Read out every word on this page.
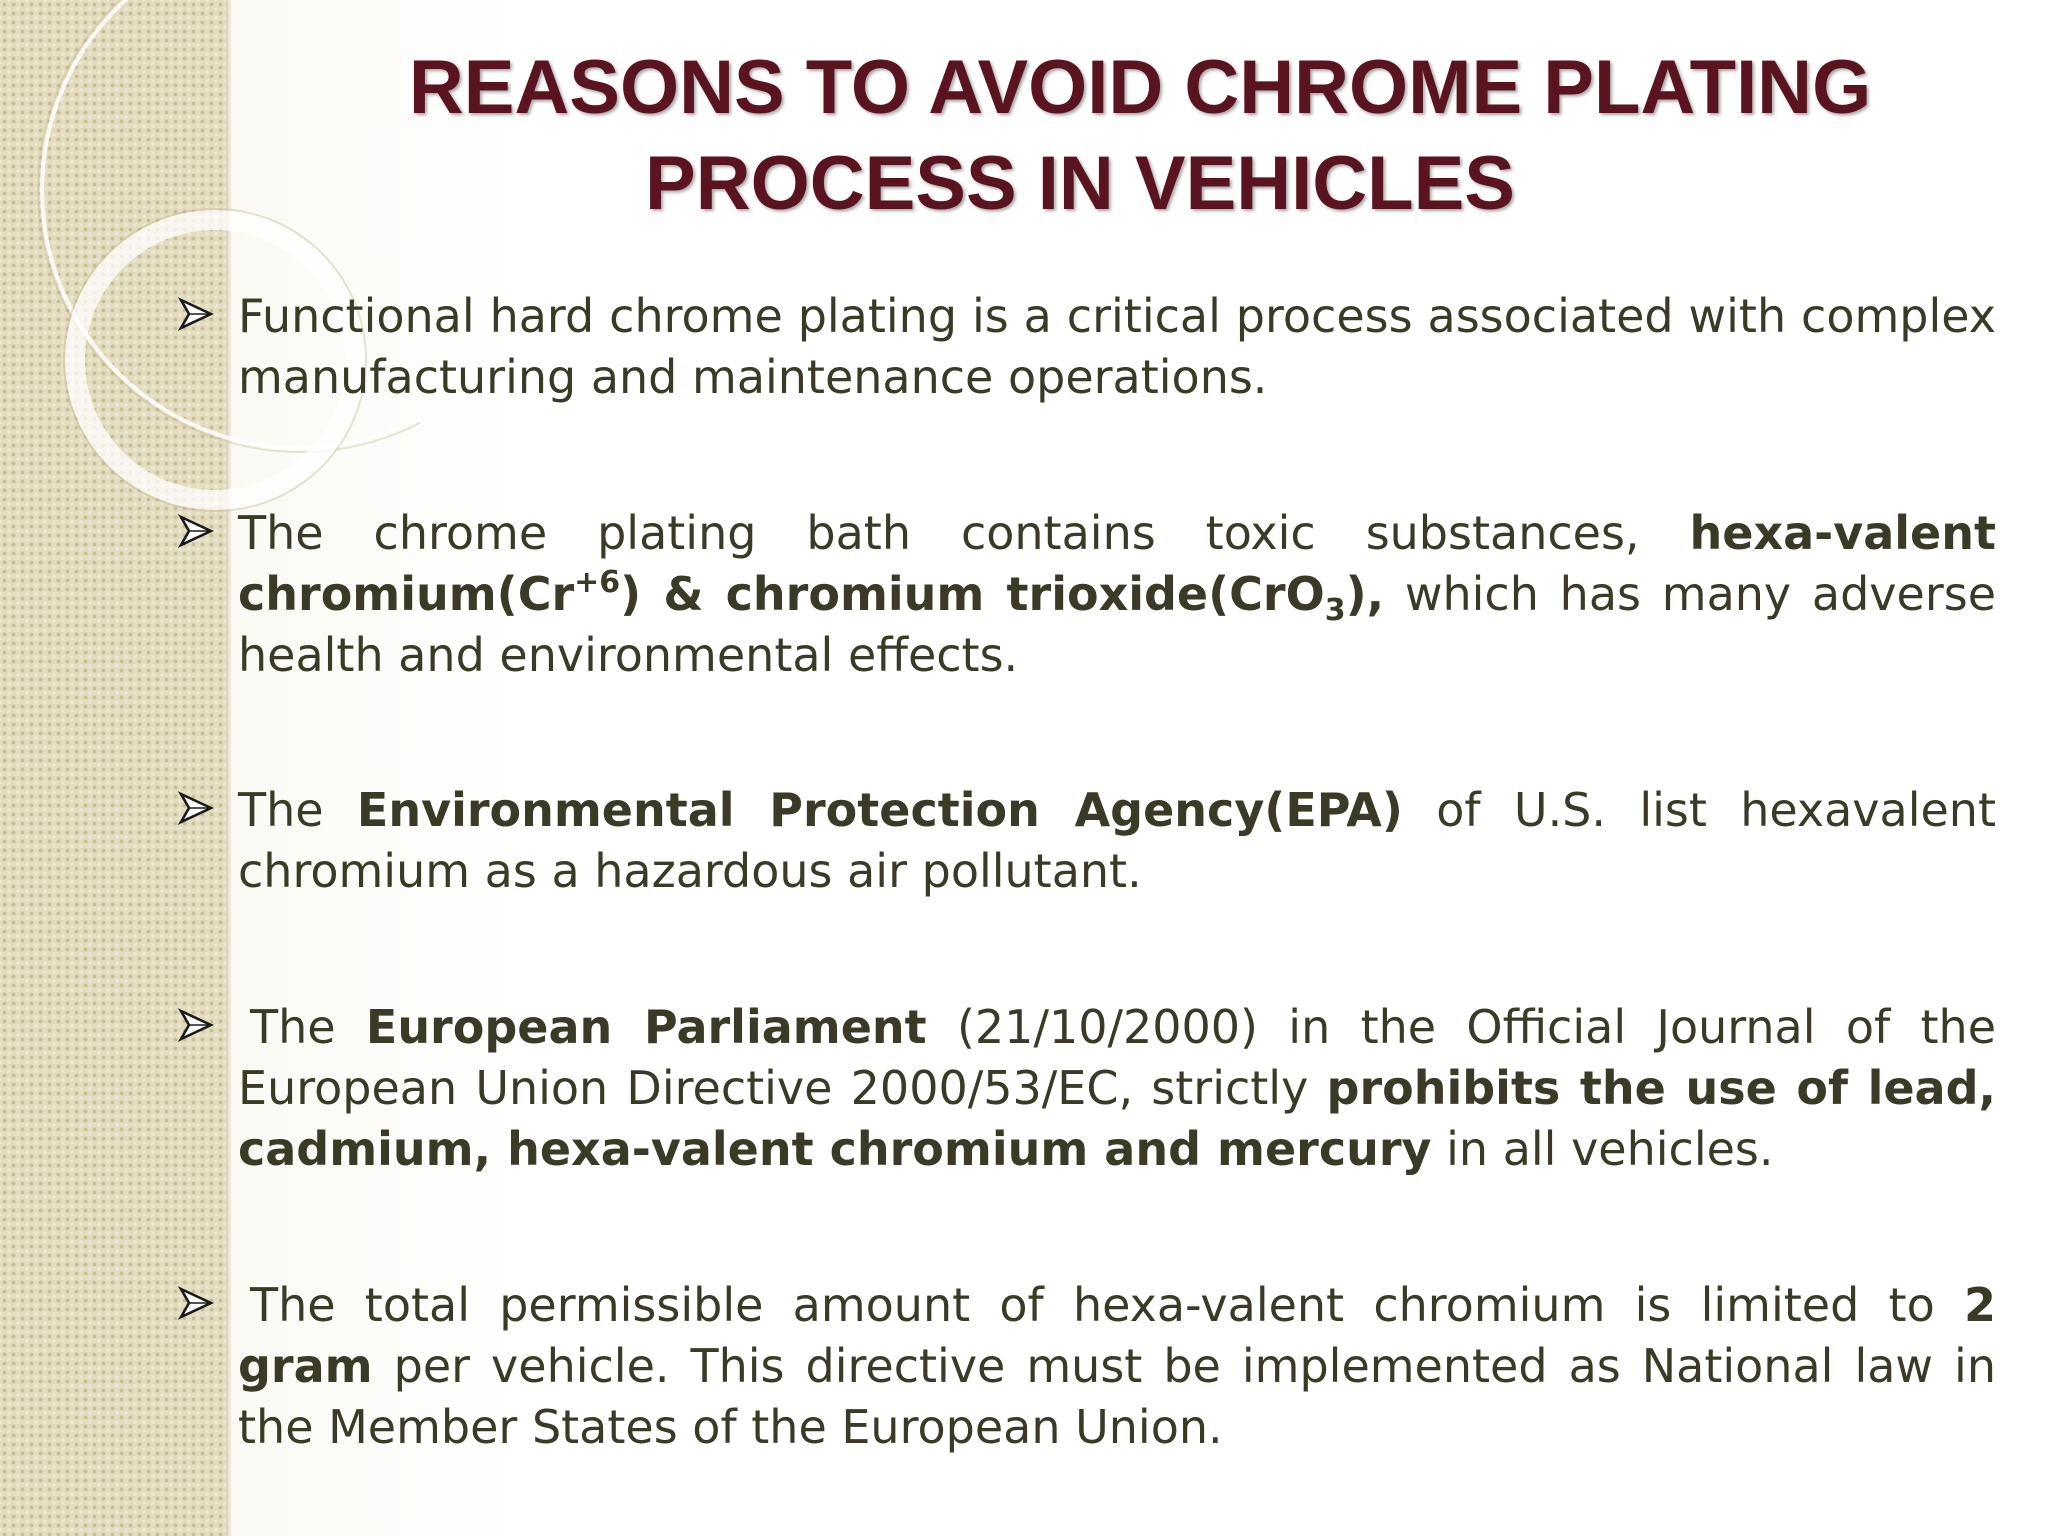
REASONS TO AVOID CHROME PLATING
PROCESS IN VEHICLES
Functional hard chrome plating is a critical process associated with complex manufacturing and maintenance operations.
The chrome plating bath contains toxic substances, hexa-valent $chromium(Cr^{+6})$ & chromium trioxide(CrO$_3$), which has many adverse health and environmental effects.
The Environmental Protection Agency(EPA) of U.S. list hexavalent chromium as a hazardous air pollutant.
The European Parliament (21/10/2000) in the Official Journal of the European Union Directive 2000/53/EC, strictly prohibits the use of lead, cadmium, hexa-valent chromium and mercury in all vehicles.
The total permissible amount of hexa-valent chromium is limited to 2 gram per vehicle. This directive must be implemented as National law in the Member States of the European Union.
